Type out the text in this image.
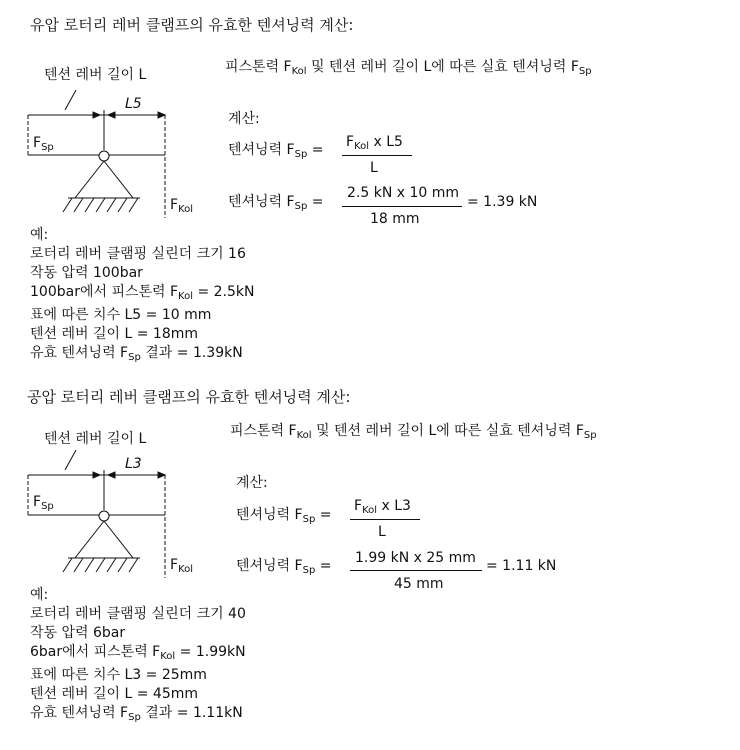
유압 로터리 레버 클램프의 유효한 텐셔닝력 계산:
텐션 레버 길이 L
L5
$F_{Sp}$
$F_{Kol}$
피스톤력 $F_{Kol}$ 및 텐션 레버 길이 L에 따른 실효 텐셔닝력 $F_{Sp}$
계산:
텐셔닝력 $F_{Sp} = F_{Kol}$ x L5
L
텐셔닝력 $F_{Sp}$ =
2.5 kN x 10 mm
18 mm
= 1.39 kN
예:
로터리 레버 클램핑 실린더 크기 16
작동 압력 100bar
100bar에서 피스톤력 $F_{Kol} = 2.5kN$
표에 따른 치수 L5 = 10 mm
텐션 레버 길이 L = 18mm
유효 텐셔닝력 $F_{Sp}$ 결과 = 1.39kN
공압 로터리 레버 클램프의 유효한 텐셔닝력 계산:
텐션 레버 길이 L
L3
$F_{Sp}$
$F_{Kol}$
피스톤력 $F_{Kol}$ 및 텐션 레버 길이 L에 따른 실효 텐셔닝력 $F_{Sp}$
계산:
텐셔닝력 $F_{Sp}$ =
$F_{Kol}$ x L3
L
텐셔닝력 $F_{Sp} = 1.99$ kN x 25 mm
45 mm
= 1.11 kN
예:
로터리 레버 클램핑 실린더 크기 40
작동 압력 6bar
6bar에서 피스톤력 $F_{Kol} = 1.99kN$
표에 따른 치수 L3 = 25mm
텐션 레버 길이 L = 45mm
유효 텐셔닝력 $F_{Sp}$ 결과 = 1.11kN
